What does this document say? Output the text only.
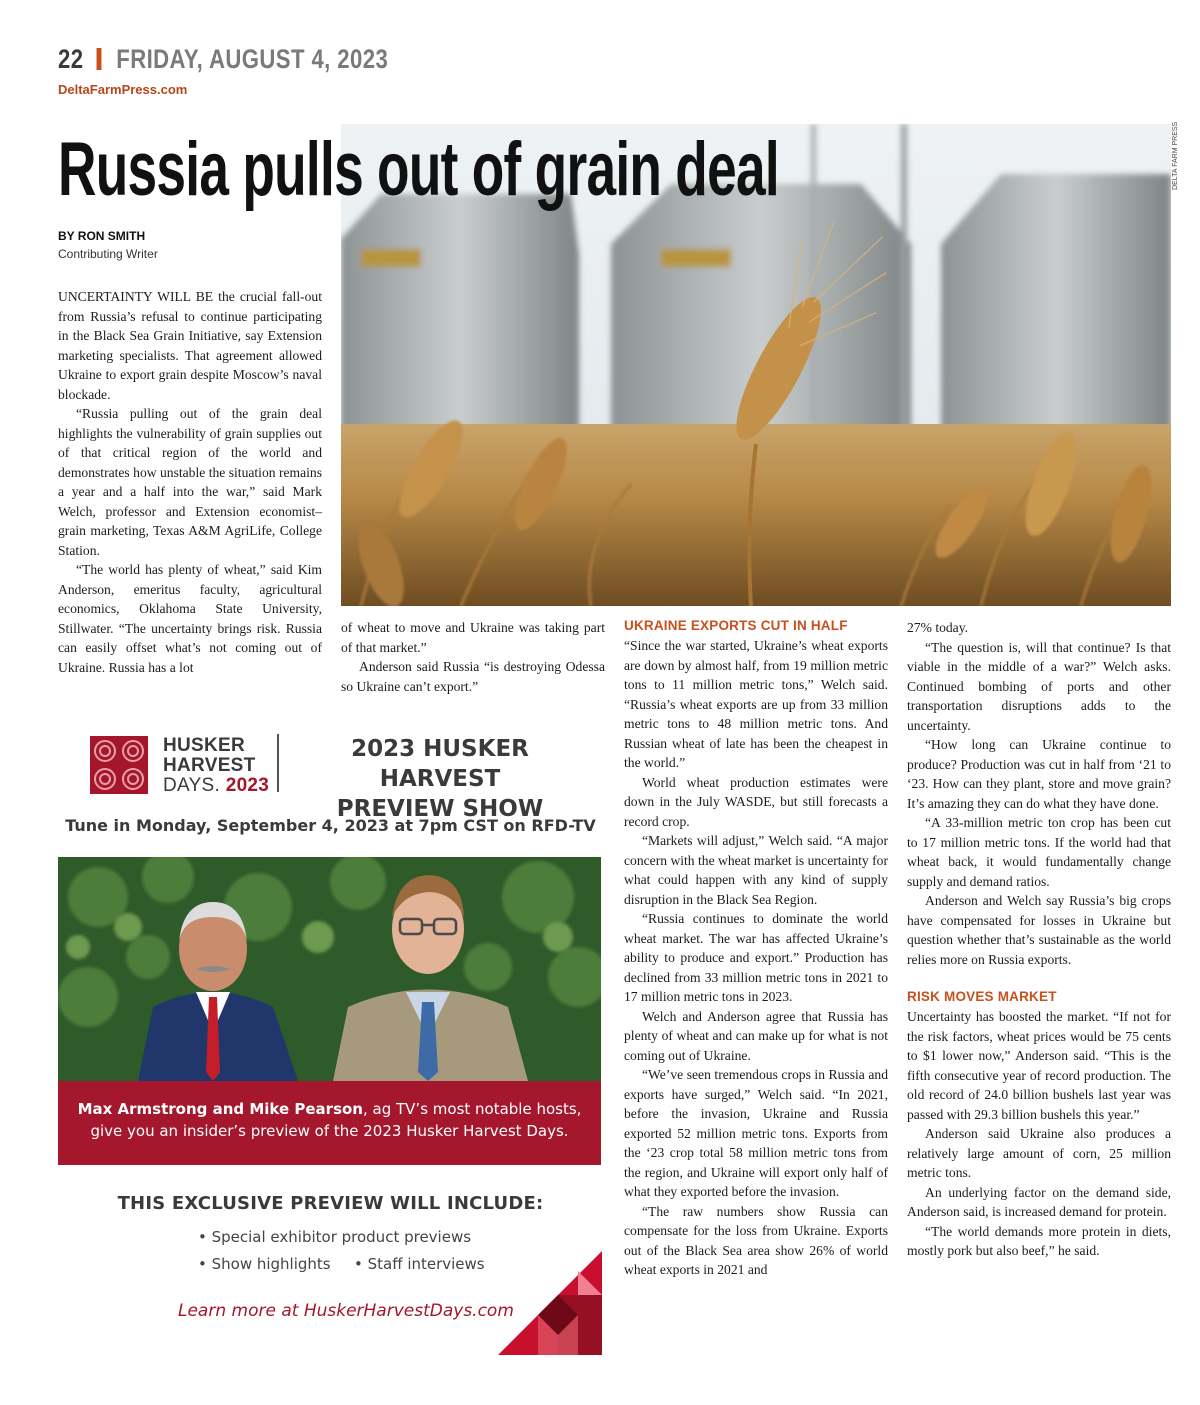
22 FRIDAY, AUGUST 4, 2023
DeltaFarmPress.com
DELTA FARM PRESS
Russia pulls out of grain deal
BY RON SMITH
Contributing Writer

UNCERTAINTY WILL BE the crucial fall-out from Russia’s refusal to continue participating in the Black Sea Grain Initiative, say Extension marketing specialists. That agreement allowed Ukraine to export grain despite Moscow’s naval blockade.

“Russia pulling out of the grain deal highlights the vulnerability of grain supplies out of that critical region of the world and demonstrates how unstable the situation remains a year and a half into the war,” said Mark Welch, professor and Extension economist–grain marketing, Texas A&M AgriLife, College Station.

“The world has plenty of wheat,” said Kim Anderson, emeritus faculty, agricultural economics, Oklahoma State University, Stillwater. “The uncertainty brings risk. Russia can easily offset what’s not coming out of Ukraine. Russia has a lot

of wheat to move and Ukraine was taking part of that market.”

Anderson said Russia “is destroying Odessa so Ukraine can’t export.”

UKRAINE EXPORTS CUT IN HALF

“Since the war started, Ukraine’s wheat exports are down by almost half, from 19 million metric tons to 11 million metric tons,” Welch said. “Russia’s wheat exports are up from 33 million metric tons to 48 million metric tons. And Russian wheat of late has been the cheapest in the world.”

World wheat production estimates were down in the July WASDE, but still forecasts a record crop.

“Markets will adjust,” Welch said. “A major concern with the wheat market is uncertainty for what could happen with any kind of supply disruption in the Black Sea Region.

“Russia continues to dominate the world wheat market. The war has affected Ukraine’s ability to produce and export.” Production has declined from 33 million metric tons in 2021 to 17 million metric tons in 2023.

Welch and Anderson agree that Russia has plenty of wheat and can make up for what is not coming out of Ukraine.

“We’ve seen tremendous crops in Russia and exports have surged,” Welch said. “In 2021, before the invasion, Ukraine and Russia exported 52 million metric tons. Exports from the ‘23 crop total 58 million metric tons from the region, and Ukraine will export only half of what they exported before the invasion.

“The raw numbers show Russia can compensate for the loss from Ukraine. Exports out of the Black Sea area show 26% of world wheat exports in 2021 and

27% today.

“The question is, will that continue? Is that viable in the middle of a war?” Welch asks. Continued bombing of ports and other transportation disruptions adds to the uncertainty.

“How long can Ukraine continue to produce? Production was cut in half from ‘21 to ‘23. How can they plant, store and move grain? It’s amazing they can do what they have done.

“A 33-million metric ton crop has been cut to 17 million metric tons. If the world had that wheat back, it would fundamentally change supply and demand ratios.

Anderson and Welch say Russia’s big crops have compensated for losses in Ukraine but question whether that’s sustainable as the world relies more on Russia exports.

RISK MOVES MARKET

Uncertainty has boosted the market. “If not for the risk factors, wheat prices would be 75 cents to $1 lower now,” Anderson said. “This is the fifth consecutive year of record production. The old record of 24.0 billion bushels last year was passed with 29.3 billion bushels this year.”

Anderson said Ukraine also produces a relatively large amount of corn, 25 million metric tons.

An underlying factor on the demand side, Anderson said, is increased demand for protein.

“The world demands more protein in diets, mostly pork but also beef,” he said.

HUSKER
HARVEST
DAYS. 2023
2023 HUSKER HARVEST
PREVIEW SHOW
Tune in Monday, September 4, 2023 at 7pm CST on RFD-TV
Max Armstrong and Mike Pearson, ag TV’s most notable hosts,
give you an insider’s preview of the 2023 Husker Harvest Days.
THIS EXCLUSIVE PREVIEW WILL INCLUDE:
• Special exhibitor product previews
• Show highlights • Staff interviews
Learn more at HuskerHarvestDays.com
